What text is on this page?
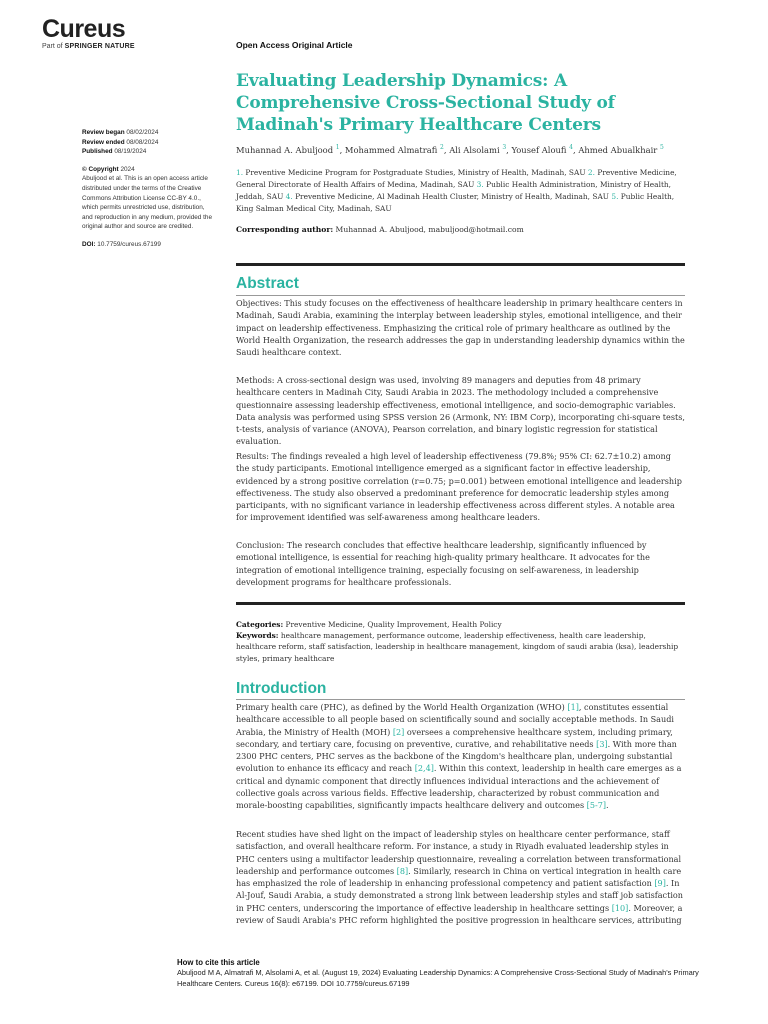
Cureus
Part of SPRINGER NATURE	Open Access Original Article
Review began 08/02/2024
Review ended 08/08/2024
Published 08/19/2024
© Copyright 2024
Abuljood et al. This is an open access article distributed under the terms of the Creative Commons Attribution License CC-BY 4.0., which permits unrestricted use, distribution, and reproduction in any medium, provided the original author and source are credited.
DOI: 10.7759/cureus.67199
Evaluating Leadership Dynamics: A Comprehensive Cross-Sectional Study of Madinah's Primary Healthcare Centers
Muhannad A. Abuljood $^1$, Mohammed Almatrafi $^2$, Ali Alsolami $^3$, Yousef Aloufi $^4$, Ahmed Abualkhair $^5$
1. Preventive Medicine Program for Postgraduate Studies, Ministry of Health, Madinah, SAU 2. Preventive Medicine, General Directorate of Health Affairs of Medina, Madinah, SAU 3. Public Health Administration, Ministry of Health, Jeddah, SAU 4. Preventive Medicine, Al Madinah Health Cluster, Ministry of Health, Madinah, SAU 5. Public Health, King Salman Medical City, Madinah, SAU
Corresponding author: Muhannad A. Abuljood, mabuljood@hotmail.com
Abstract
Objectives: This study focuses on the effectiveness of healthcare leadership in primary healthcare centers in Madinah, Saudi Arabia, examining the interplay between leadership styles, emotional intelligence, and their impact on leadership effectiveness. Emphasizing the critical role of primary healthcare as outlined by the World Health Organization, the research addresses the gap in understanding leadership dynamics within the Saudi healthcare context.
Methods: A cross-sectional design was used, involving 89 managers and deputies from 48 primary healthcare centers in Madinah City, Saudi Arabia in 2023. The methodology included a comprehensive questionnaire assessing leadership effectiveness, emotional intelligence, and socio-demographic variables. Data analysis was performed using SPSS version 26 (Armonk, NY: IBM Corp), incorporating chi-square tests, t-tests, analysis of variance (ANOVA), Pearson correlation, and binary logistic regression for statistical evaluation.
Results: The findings revealed a high level of leadership effectiveness (79.8%; 95% CI: 62.7±10.2) among the study participants. Emotional intelligence emerged as a significant factor in effective leadership, evidenced by a strong positive correlation (r=0.75; p=0.001) between emotional intelligence and leadership effectiveness. The study also observed a predominant preference for democratic leadership styles among participants, with no significant variance in leadership effectiveness across different styles. A notable area for improvement identified was self-awareness among healthcare leaders.
Conclusion: The research concludes that effective healthcare leadership, significantly influenced by emotional intelligence, is essential for reaching high-quality primary healthcare. It advocates for the integration of emotional intelligence training, especially focusing on self-awareness, in leadership development programs for healthcare professionals.
Categories: Preventive Medicine, Quality Improvement, Health Policy
Keywords: healthcare management, performance outcome, leadership effectiveness, health care leadership, healthcare reform, staff satisfaction, leadership in healthcare management, kingdom of saudi arabia (ksa), leadership styles, primary healthcare
Introduction
Primary health care (PHC), as defined by the World Health Organization (WHO) [1], constitutes essential healthcare accessible to all people based on scientifically sound and socially acceptable methods. In Saudi Arabia, the Ministry of Health (MOH) [2] oversees a comprehensive healthcare system, including primary, secondary, and tertiary care, focusing on preventive, curative, and rehabilitative needs [3]. With more than 2300 PHC centers, PHC serves as the backbone of the Kingdom's healthcare plan, undergoing substantial evolution to enhance its efficacy and reach [2,4]. Within this context, leadership in health care emerges as a critical and dynamic component that directly influences individual interactions and the achievement of collective goals across various fields. Effective leadership, characterized by robust communication and morale-boosting capabilities, significantly impacts healthcare delivery and outcomes [5-7].
Recent studies have shed light on the impact of leadership styles on healthcare center performance, staff satisfaction, and overall healthcare reform. For instance, a study in Riyadh evaluated leadership styles in PHC centers using a multifactor leadership questionnaire, revealing a correlation between transformational leadership and performance outcomes [8]. Similarly, research in China on vertical integration in health care has emphasized the role of leadership in enhancing professional competency and patient satisfaction [9]. In Al-Jouf, Saudi Arabia, a study demonstrated a strong link between leadership styles and staff job satisfaction in PHC centers, underscoring the importance of effective leadership in healthcare settings [10]. Moreover, a review of Saudi Arabia's PHC reform highlighted the positive progression in healthcare services, attributing
How to cite this article
Abuljood M A, Almatrafi M, Alsolami A, et al. (August 19, 2024) Evaluating Leadership Dynamics: A Comprehensive Cross-Sectional Study of Madinah's Primary Healthcare Centers. Cureus 16(8): e67199. DOI 10.7759/cureus.67199
